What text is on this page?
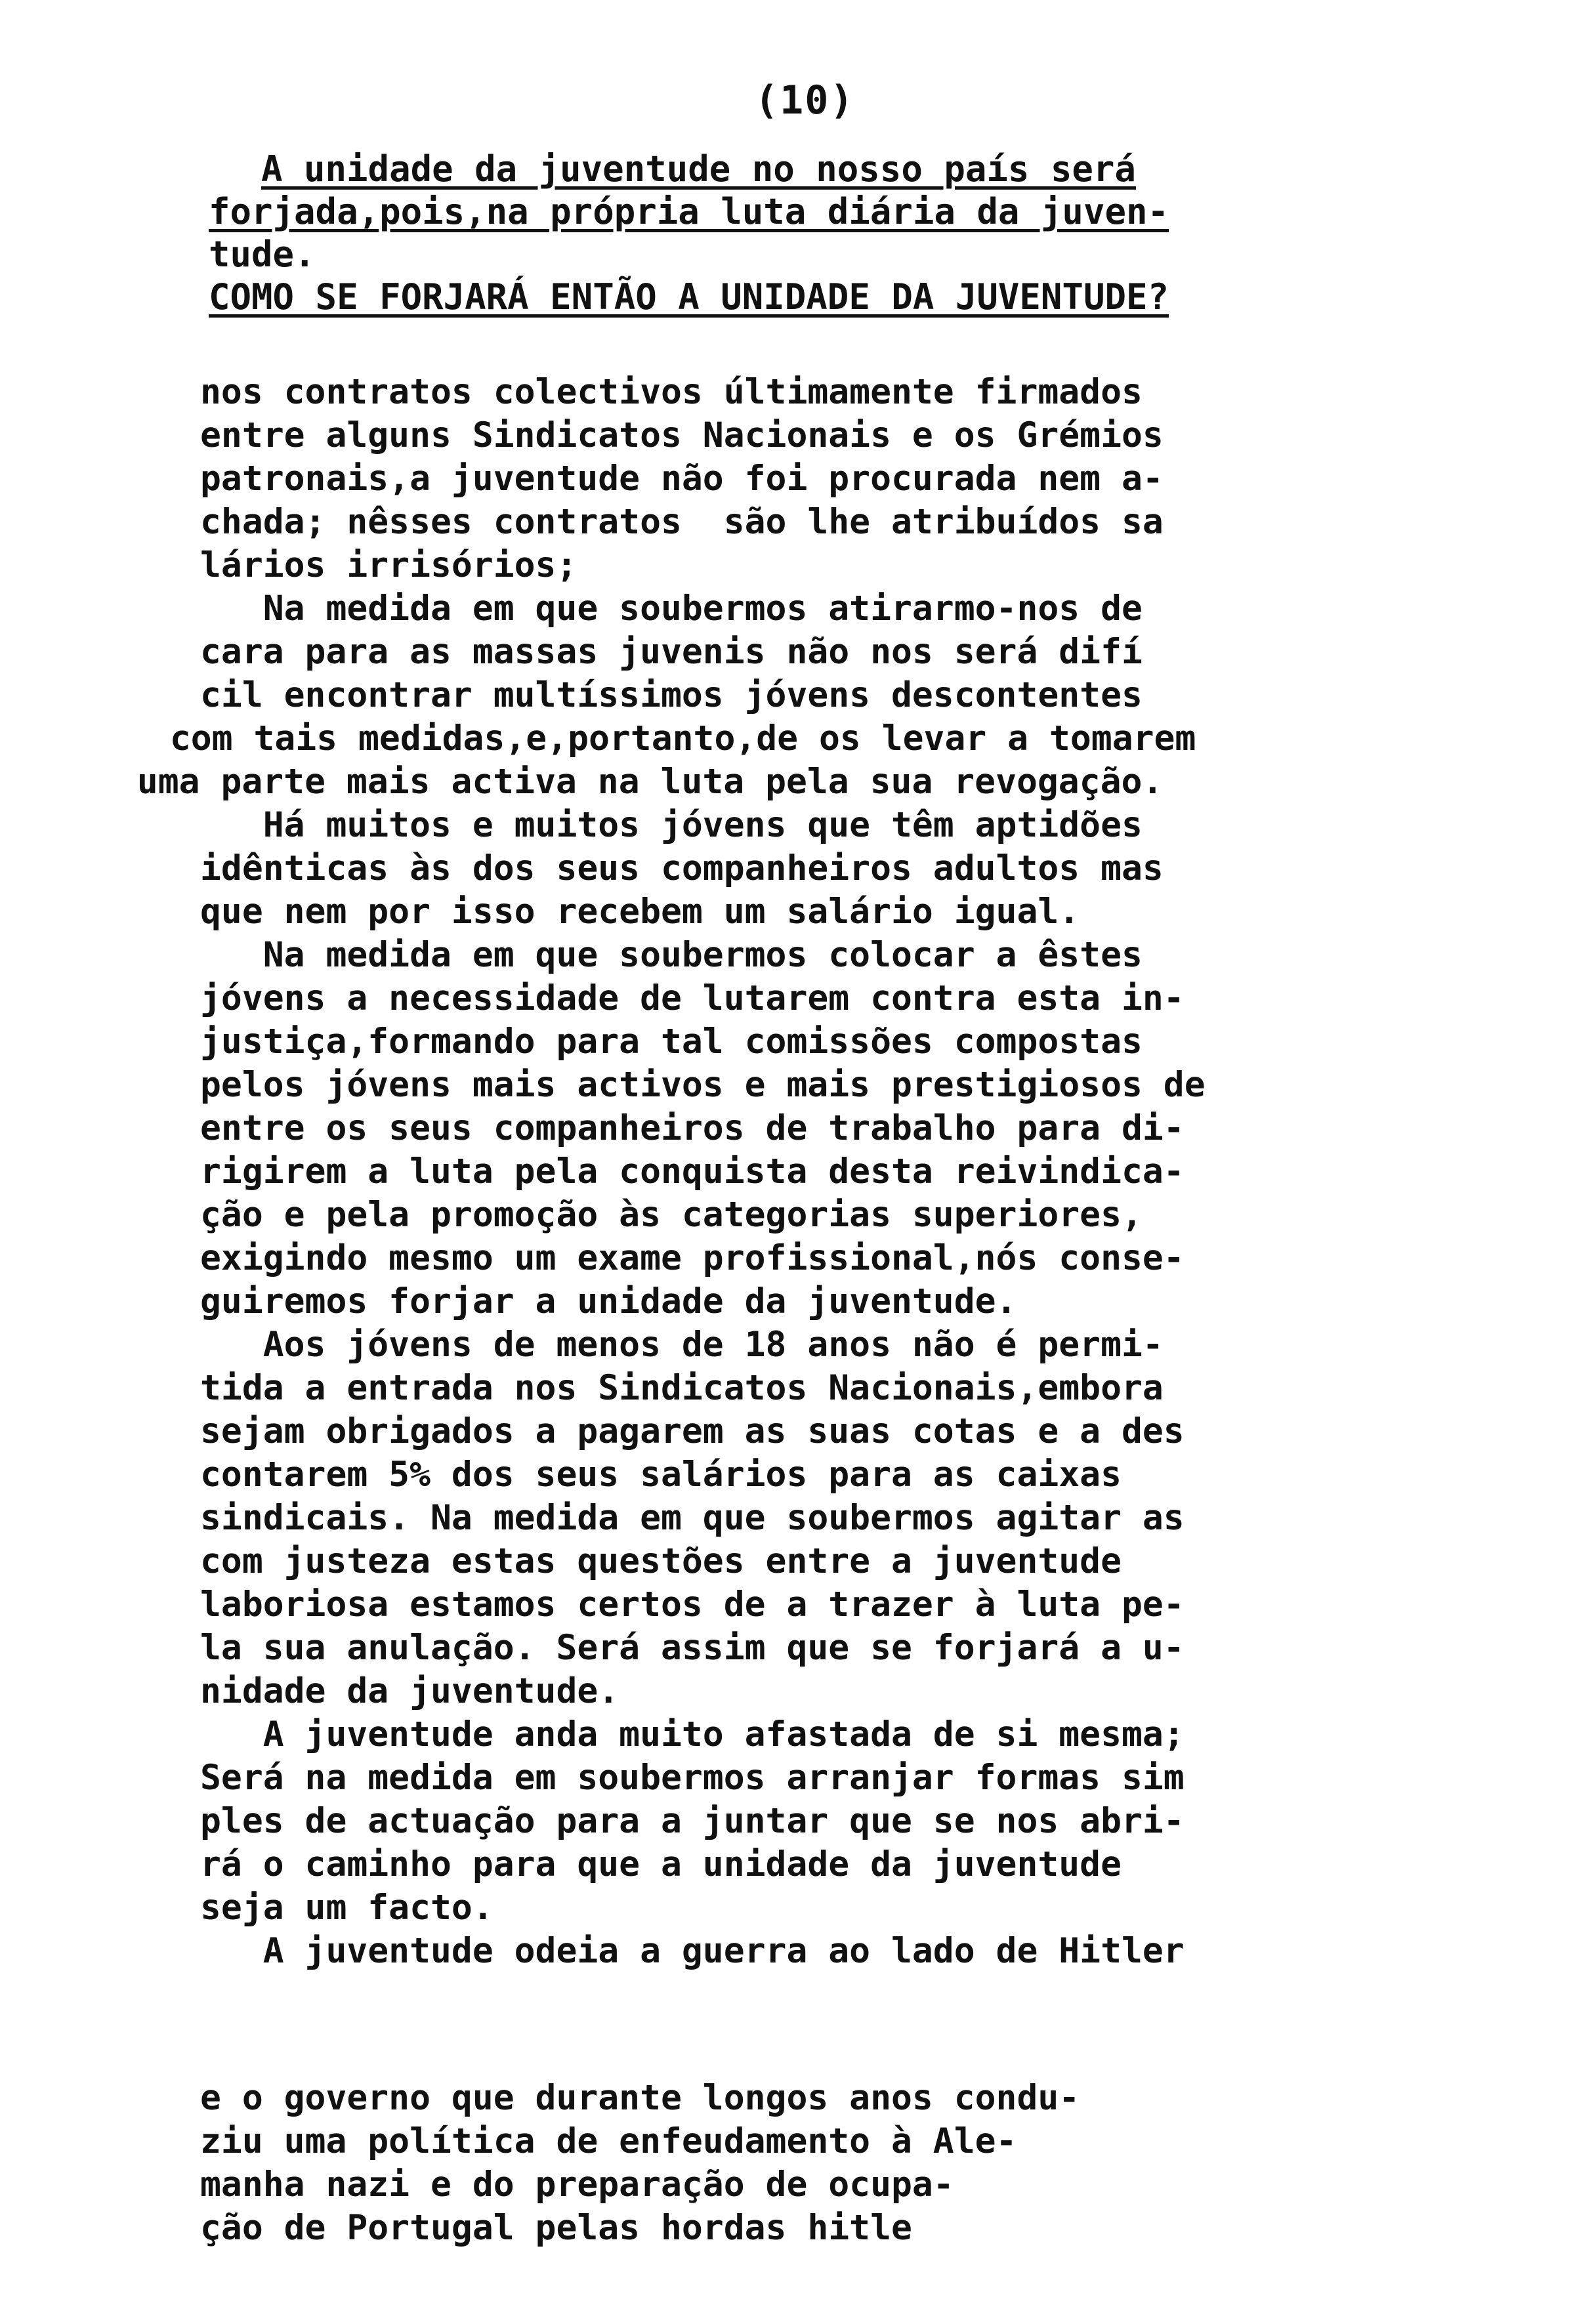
(10)
A unidade da juventude no nosso país será
forjada,pois,na própria luta diária da juven-
tude.
COMO SE FORJARÁ ENTÃO A UNIDADE DA JUVENTUDE?
nos contratos colectivos últimamente firmados
entre alguns Sindicatos Nacionais e os Grémios
patronais,a juventude não foi procurada nem a-
chada; nêsses contratos  são lhe atribuídos sa
lários irrisórios;
Na medida em que soubermos atirarmo-nos de
cara para as massas juvenis não nos será difí
cil encontrar multíssimos jóvens descontentes
com tais medidas,e,portanto,de os levar a tomarem
uma parte mais activa na luta pela sua revogação.
Há muitos e muitos jóvens que têm aptidões
idênticas às dos seus companheiros adultos mas
que nem por isso recebem um salário igual.
Na medida em que soubermos colocar a êstes
jóvens a necessidade de lutarem contra esta in-
justiça,formando para tal comissões compostas
pelos jóvens mais activos e mais prestigiosos de
entre os seus companheiros de trabalho para di-
rigirem a luta pela conquista desta reivindica-
ção e pela promoção às categorias superiores,
exigindo mesmo um exame profissional,nós conse-
guiremos forjar a unidade da juventude.
Aos jóvens de menos de 18 anos não é permi-
tida a entrada nos Sindicatos Nacionais,embora
sejam obrigados a pagarem as suas cotas e a des
contarem 5% dos seus salários para as caixas
sindicais. Na medida em que soubermos agitar as
com justeza estas questões entre a juventude
laboriosa estamos certos de a trazer à luta pe-
la sua anulação. Será assim que se forjará a u-
nidade da juventude.
A juventude anda muito afastada de si mesma;
Será na medida em soubermos arranjar formas sim
ples de actuação para a juntar que se nos abri-
rá o caminho para que a unidade da juventude
seja um facto.
A juventude odeia a guerra ao lado de Hitler
e o governo que durante longos anos condu-
ziu uma política de enfeudamento à Ale-
manha nazi e do preparação de ocupa-
ção de Portugal pelas hordas hitle
